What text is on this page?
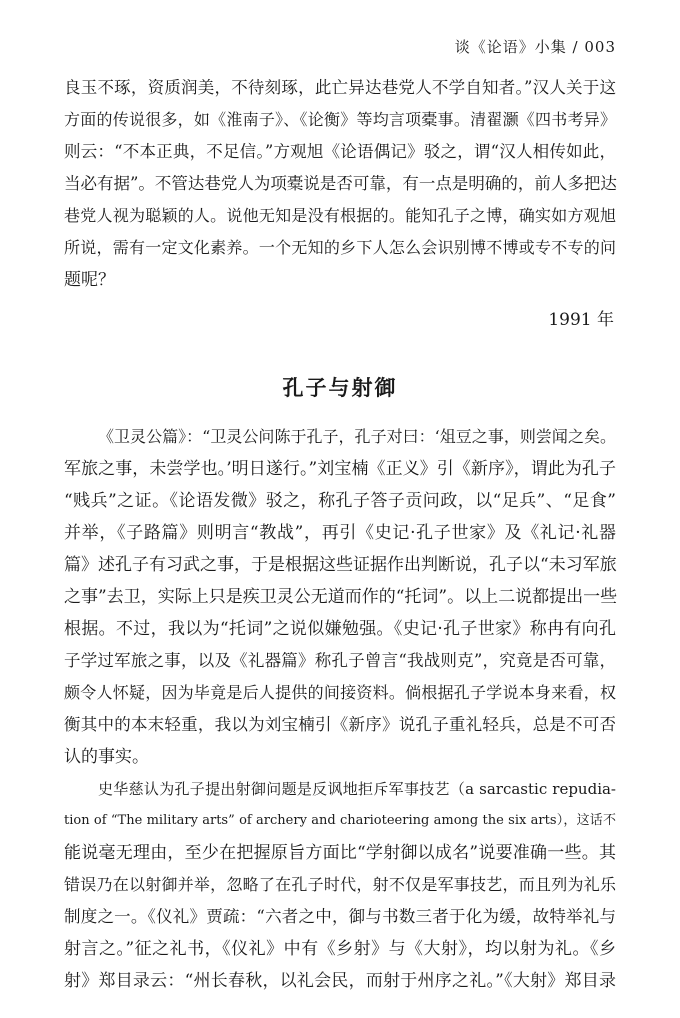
谈《论语》小集 / 003
良玉不琢，资质润美，不待刻琢，此亡异达巷党人不学自知者。”汉人关于这
方面的传说很多，如《淮南子》、《论衡》等均言项橐事。清翟灏《四书考异》
则云：“不本正典，不足信。”方观旭《论语偶记》驳之，谓“汉人相传如此，
当必有据”。不管达巷党人为项橐说是否可靠，有一点是明确的，前人多把达
巷党人视为聪颖的人。说他无知是没有根据的。能知孔子之博，确实如方观旭
所说，需有一定文化素养。一个无知的乡下人怎么会识别博不博或专不专的问
题呢？
1991 年
孔子与射御
《卫灵公篇》：“卫灵公问陈于孔子，孔子对曰：‘俎豆之事，则尝闻之矣。
军旅之事，未尝学也。’明日遂行。”刘宝楠《正义》引《新序》，谓此为孔子
“贱兵”之证。《论语发微》驳之，称孔子答子贡问政，以“足兵”、“足食”
并举，《子路篇》则明言“教战”，再引《史记·孔子世家》及《礼记·礼器
篇》述孔子有习武之事，于是根据这些证据作出判断说，孔子以“未习军旅
之事”去卫，实际上只是疾卫灵公无道而作的“托词”。以上二说都提出一些
根据。不过，我以为“托词”之说似嫌勉强。《史记·孔子世家》称冉有向孔
子学过军旅之事，以及《礼器篇》称孔子曾言“我战则克”，究竟是否可靠，
颇令人怀疑，因为毕竟是后人提供的间接资料。倘根据孔子学说本身来看，权
衡其中的本末轻重，我以为刘宝楠引《新序》说孔子重礼轻兵，总是不可否
认的事实。
史华慈认为孔子提出射御问题是反讽地拒斥军事技艺（a sarcastic repudia-
tion of “The military arts” of archery and charioteering among the six arts），这话不
能说毫无理由，至少在把握原旨方面比“学射御以成名”说要准确一些。其
错误乃在以射御并举，忽略了在孔子时代，射不仅是军事技艺，而且列为礼乐
制度之一。《仪礼》贾疏：“六者之中，御与书数三者于化为缓，故特举礼与
射言之。”征之礼书，《仪礼》中有《乡射》与《大射》，均以射为礼。《乡
射》郑目录云：“州长春秋，以礼会民，而射于州序之礼。”《大射》郑目录
